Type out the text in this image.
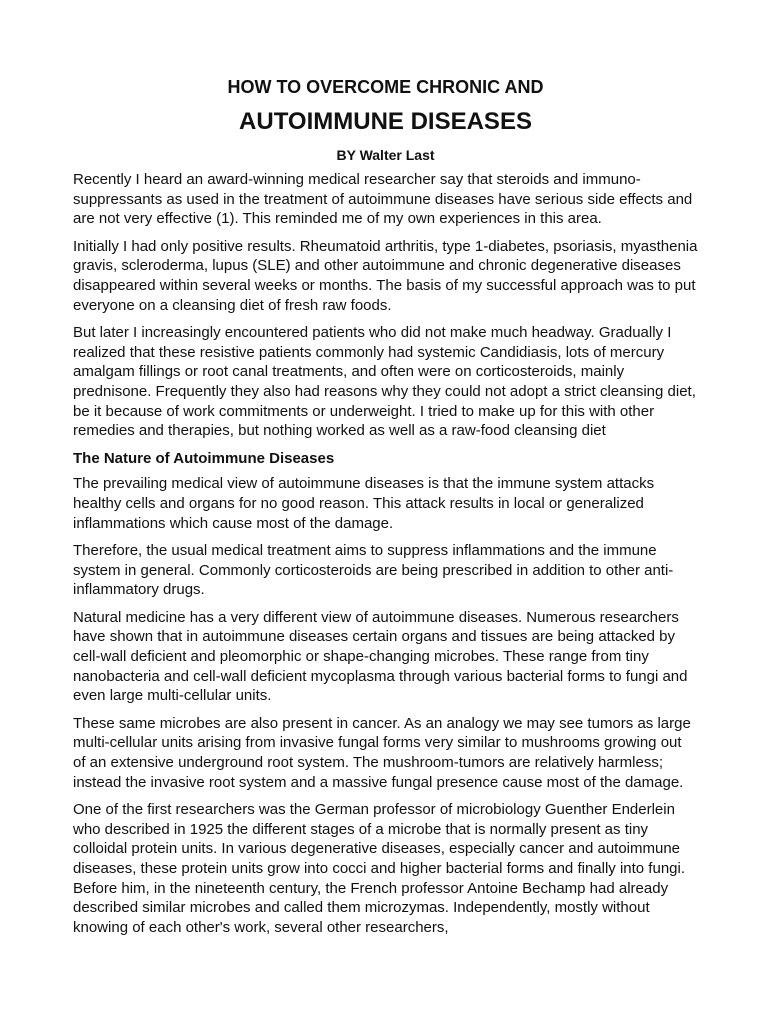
HOW TO OVERCOME CHRONIC AND
AUTOIMMUNE DISEASES
BY Walter Last

Recently I heard an award-winning medical researcher say that steroids and immuno-suppressants as used in the treatment of autoimmune diseases have serious side effects and are not very effective (1). This reminded me of my own experiences in this area.

Initially I had only positive results. Rheumatoid arthritis, type 1-diabetes, psoriasis, myasthenia gravis, scleroderma, lupus (SLE) and other autoimmune and chronic degenerative diseases disappeared within several weeks or months. The basis of my successful approach was to put everyone on a cleansing diet of fresh raw foods.

But later I increasingly encountered patients who did not make much headway. Gradually I realized that these resistive patients commonly had systemic Candidiasis, lots of mercury amalgam fillings or root canal treatments, and often were on corticosteroids, mainly prednisone. Frequently they also had reasons why they could not adopt a strict cleansing diet, be it because of work commitments or underweight. I tried to make up for this with other remedies and therapies, but nothing worked as well as a raw-food cleansing diet

The Nature of Autoimmune Diseases

The prevailing medical view of autoimmune diseases is that the immune system attacks healthy cells and organs for no good reason. This attack results in local or generalized inflammations which cause most of the damage.

Therefore, the usual medical treatment aims to suppress inflammations and the immune system in general. Commonly corticosteroids are being prescribed in addition to other anti-inflammatory drugs.

Natural medicine has a very different view of autoimmune diseases. Numerous researchers have shown that in autoimmune diseases certain organs and tissues are being attacked by cell-wall deficient and pleomorphic or shape-changing microbes. These range from tiny nanobacteria and cell-wall deficient mycoplasma through various bacterial forms to fungi and even large multi-cellular units.

These same microbes are also present in cancer. As an analogy we may see tumors as large multi-cellular units arising from invasive fungal forms very similar to mushrooms growing out of an extensive underground root system. The mushroom-tumors are relatively harmless; instead the invasive root system and a massive fungal presence cause most of the damage.

One of the first researchers was the German professor of microbiology Guenther Enderlein who described in 1925 the different stages of a microbe that is normally present as tiny colloidal protein units. In various degenerative diseases, especially cancer and autoimmune diseases, these protein units grow into cocci and higher bacterial forms and finally into fungi. Before him, in the nineteenth century, the French professor Antoine Bechamp had already described similar microbes and called them microzymas. Independently, mostly without knowing of each other's work, several other researchers,
